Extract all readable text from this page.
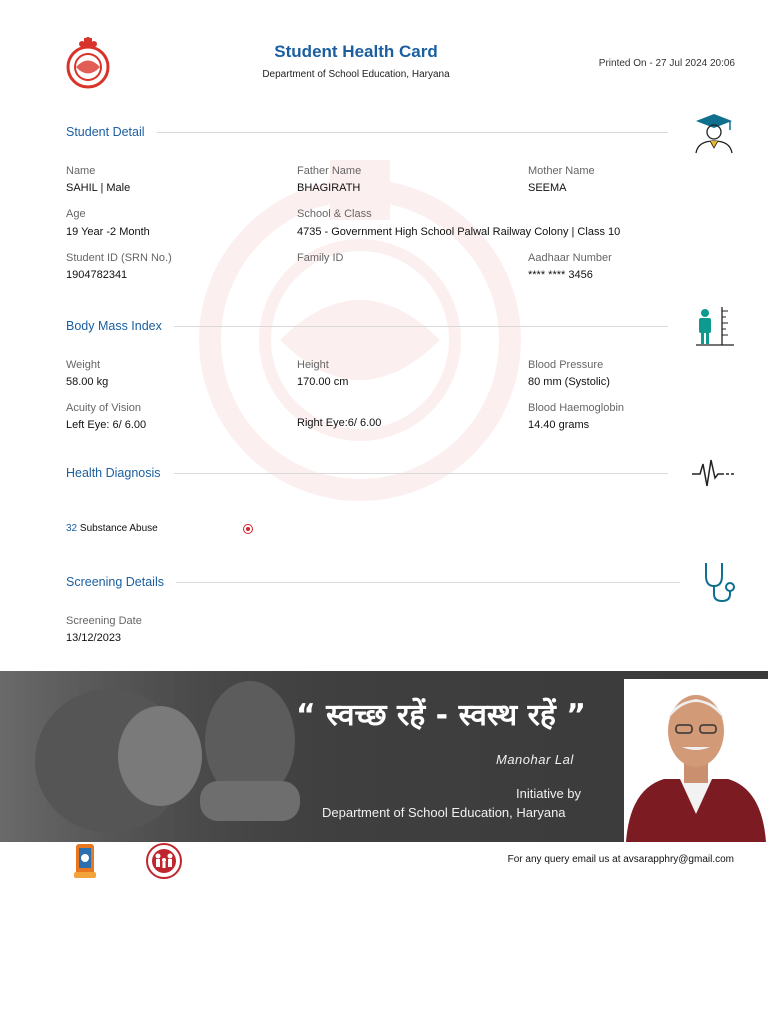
Student Health Card
Department of School Education, Haryana
Printed On - 27 Jul 2024 20:06
Student Detail
Name
SAHIL | Male
Father Name
BHAGIRATH
Mother Name
SEEMA
Age
19 Year -2 Month
School & Class
4735 - Government High School Palwal Railway Colony | Class 10
Student ID (SRN No.)
1904782341
Family ID	Aadhaar Number
**** **** 3456
Body Mass Index
Weight
58.00 kg
Height
170.00 cm
Blood Pressure
80 mm (Systolic)
Acuity of Vision
Left Eye: 6/ 6.00	Right Eye:6/ 6.00
Blood Haemoglobin
14.40 grams
Health Diagnosis
32 Substance Abuse
Screening Details
Screening Date
13/12/2023
“ स्वच्छ रहें - स्वस्थ रहें ”
Manohar Lal
Initiative by
Department of School Education, Haryana
For any query email us at avsarapphry@gmail.com
